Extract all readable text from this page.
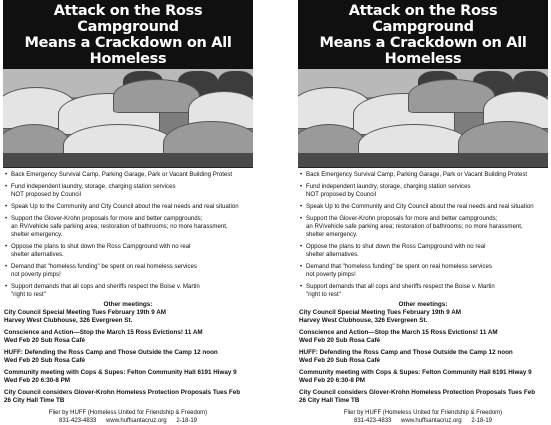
Attack on the Ross Campground
Means a Crackdown on All Homeless
• Back Emergency Survival Camp, Parking Garage, Park or Vacant Building Protest
• Fund independent laundry, storage, charging station services
NOT proposed by Council
• Speak Up to the Community and City Council about the real needs and real situation
• Support the Glover-Krohn proposals for more and better campgrounds;
an RV/vehicle safe parking area; restoration of bathrooms; no more harassment,
shelter emergency.
• Oppose the plans to shut down the Ross Campground with no real
shelter alternatives.
• Demand that "homeless funding" be spent on real homeless services
not poverty pimps!
• Support demands that all cops and sheriffs respect the Boise v. Martin
"right to rest"
Other meetings:
City Council Special Meeting Tues February 19th 9 AM
Harvey West Clubhouse, 326 Evergreen St.
Conscience and Action—Stop the March 15 Ross Evictions! 11 AM
Wed Feb 20 Sub Rosa Café
HUFF: Defending the Ross Camp and Those Outside the Camp 12 noon
Wed Feb 20 Sub Rosa Café
Community meeting with Cops & Supes: Felton Community Hall 6191 Hiway 9
Wed Feb 20 6:30-8 PM
City Council considers Glover-Krohn Homeless Protection Proposals Tues Feb
26 City Hall Time TB
Flier by HUFF (Homeless United for Friendship & Freedom)
831-423-4833 www.huffsantacruz.org 2-18-19
Attack on the Ross Campground
Means a Crackdown on All Homeless
• Back Emergency Survival Camp, Parking Garage, Park or Vacant Building Protest
• Fund independent laundry, storage, charging station services
NOT proposed by Council
• Speak Up to the Community and City Council about the real needs and real situation
• Support the Glover-Krohn proposals for more and better campgrounds;
an RV/vehicle safe parking area; restoration of bathrooms; no more harassment,
shelter emergency.
• Oppose the plans to shut down the Ross Campground with no real
shelter alternatives.
• Demand that "homeless funding" be spent on real homeless services
not poverty pimps!
• Support demands that all cops and sheriffs respect the Boise v. Martin
"right to rest"
Other meetings:
City Council Special Meeting Tues February 19th 9 AM
Harvey West Clubhouse, 326 Evergreen St.
Conscience and Action—Stop the March 15 Ross Evictions! 11 AM
Wed Feb 20 Sub Rosa Café
HUFF: Defending the Ross Camp and Those Outside the Camp 12 noon
Wed Feb 20 Sub Rosa Café
Community meeting with Cops & Supes: Felton Community Hall 6191 Hiway 9
Wed Feb 20 6:30-8 PM
City Council considers Glover-Krohn Homeless Protection Proposals Tues Feb
26 City Hall Time TB
Flier by HUFF (Homeless United for Friendship & Freedom)
831-423-4833 www.huffsantacruz.org 2-18-19
